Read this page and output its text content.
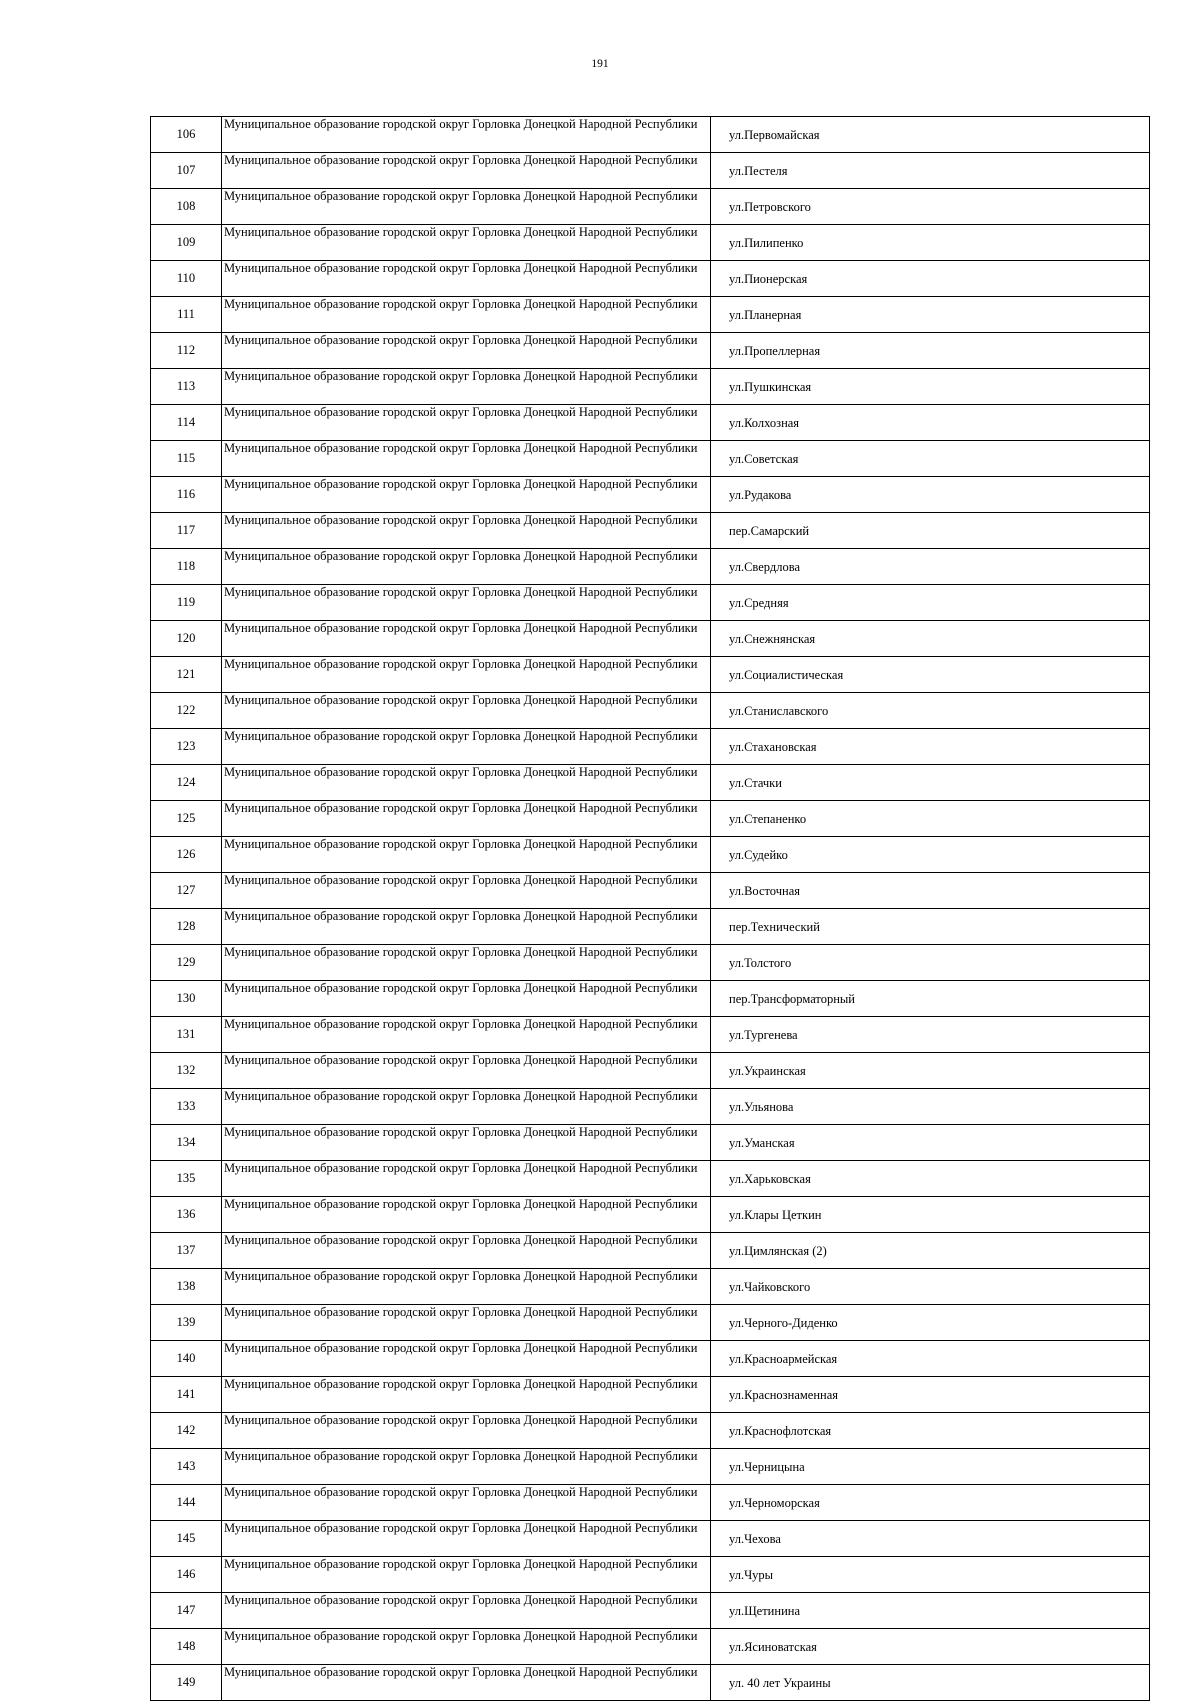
191
106	Муниципальное образование городской округ Горловка Донецкой Народной Республики	ул.Первомайская
107	Муниципальное образование городской округ Горловка Донецкой Народной Республики	ул.Пестеля
108	Муниципальное образование городской округ Горловка Донецкой Народной Республики	ул.Петровского
109	Муниципальное образование городской округ Горловка Донецкой Народной Республики	ул.Пилипенко
110	Муниципальное образование городской округ Горловка Донецкой Народной Республики	ул.Пионерская
111	Муниципальное образование городской округ Горловка Донецкой Народной Республики	ул.Планерная
112	Муниципальное образование городской округ Горловка Донецкой Народной Республики	ул.Пропеллерная
113	Муниципальное образование городской округ Горловка Донецкой Народной Республики	ул.Пушкинская
114	Муниципальное образование городской округ Горловка Донецкой Народной Республики	ул.Колхозная
115	Муниципальное образование городской округ Горловка Донецкой Народной Республики	ул.Советская
116	Муниципальное образование городской округ Горловка Донецкой Народной Республики	ул.Рудакова
117	Муниципальное образование городской округ Горловка Донецкой Народной Республики	пер.Самарский
118	Муниципальное образование городской округ Горловка Донецкой Народной Республики	ул.Свердлова
119	Муниципальное образование городской округ Горловка Донецкой Народной Республики	ул.Средняя
120	Муниципальное образование городской округ Горловка Донецкой Народной Республики	ул.Снежнянская
121	Муниципальное образование городской округ Горловка Донецкой Народной Республики	ул.Социалистическая
122	Муниципальное образование городской округ Горловка Донецкой Народной Республики	ул.Станиславского
123	Муниципальное образование городской округ Горловка Донецкой Народной Республики	ул.Стахановская
124	Муниципальное образование городской округ Горловка Донецкой Народной Республики	ул.Стачки
125	Муниципальное образование городской округ Горловка Донецкой Народной Республики	ул.Степаненко
126	Муниципальное образование городской округ Горловка Донецкой Народной Республики	ул.Судейко
127	Муниципальное образование городской округ Горловка Донецкой Народной Республики	ул.Восточная
128	Муниципальное образование городской округ Горловка Донецкой Народной Республики	пер.Технический
129	Муниципальное образование городской округ Горловка Донецкой Народной Республики	ул.Толстого
130	Муниципальное образование городской округ Горловка Донецкой Народной Республики	пер.Трансформаторный
131	Муниципальное образование городской округ Горловка Донецкой Народной Республики	ул.Тургенева
132	Муниципальное образование городской округ Горловка Донецкой Народной Республики	ул.Украинская
133	Муниципальное образование городской округ Горловка Донецкой Народной Республики	ул.Ульянова
134	Муниципальное образование городской округ Горловка Донецкой Народной Республики	ул.Уманская
135	Муниципальное образование городской округ Горловка Донецкой Народной Республики	ул.Харьковская
136	Муниципальное образование городской округ Горловка Донецкой Народной Республики	ул.Клары Цеткин
137	Муниципальное образование городской округ Горловка Донецкой Народной Республики	ул.Цимлянская (2)
138	Муниципальное образование городской округ Горловка Донецкой Народной Республики	ул.Чайковского
139	Муниципальное образование городской округ Горловка Донецкой Народной Республики	ул.Черного-Диденко
140	Муниципальное образование городской округ Горловка Донецкой Народной Республики	ул.Красноармейская
141	Муниципальное образование городской округ Горловка Донецкой Народной Республики	ул.Краснознаменная
142	Муниципальное образование городской округ Горловка Донецкой Народной Республики	ул.Краснофлотская
143	Муниципальное образование городской округ Горловка Донецкой Народной Республики	ул.Черницына
144	Муниципальное образование городской округ Горловка Донецкой Народной Республики	ул.Черноморская
145	Муниципальное образование городской округ Горловка Донецкой Народной Республики	ул.Чехова
146	Муниципальное образование городской округ Горловка Донецкой Народной Республики	ул.Чуры
147	Муниципальное образование городской округ Горловка Донецкой Народной Республики	ул.Щетинина
148	Муниципальное образование городской округ Горловка Донецкой Народной Республики	ул.Ясиноватская
149	Муниципальное образование городской округ Горловка Донецкой Народной Республики	ул. 40 лет Украины
